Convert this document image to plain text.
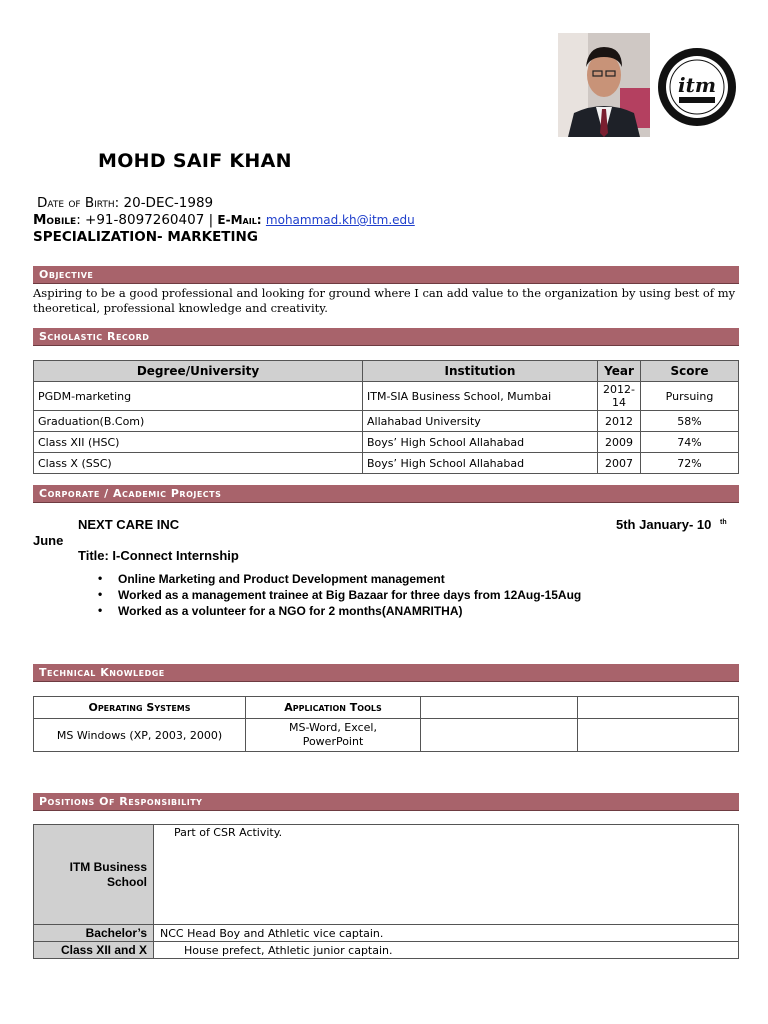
itm
MOHD SAIF KHAN
Date of Birth: 20-DEC-1989
Mobile: +91-8097260407 | E-Mail: mohammad.kh@itm.edu
SPECIALIZATION- MARKETING
Objective
Aspiring to be a good professional and looking for ground where I can add value to the organization by using best of my theoretical, professional knowledge and creativity.
Scholastic Record
Degree/University	Institution	Year	Score
PGDM-marketing	ITM-SIA Business School, Mumbai	2012-14	Pursuing
Graduation(B.Com)	Allahabad University	2012	58%
Class XII (HSC)	Boys’ High School Allahabad	2009	74%
Class X (SSC)	Boys’ High School Allahabad	2007	72%
Corporate / Academic Projects
NEXT CARE INC	5th January- 10 $^{th}$
June
Title: I-Connect Internship
• Online Marketing and Product Development management
• Worked as a management trainee at Big Bazaar for three days from 12Aug-15Aug
• Worked as a volunteer for a NGO for 2 months(ANAMRITHA)
Technical Knowledge
Operating Systems	Application Tools		
MS Windows (XP, 2003, 2000)	MS-Word, Excel, PowerPoint		
Positions Of Responsibility
ITM Business School	Part of CSR Activity.
Bachelor’s	NCC Head Boy and Athletic vice captain.
Class XII and X	House prefect, Athletic junior captain.
